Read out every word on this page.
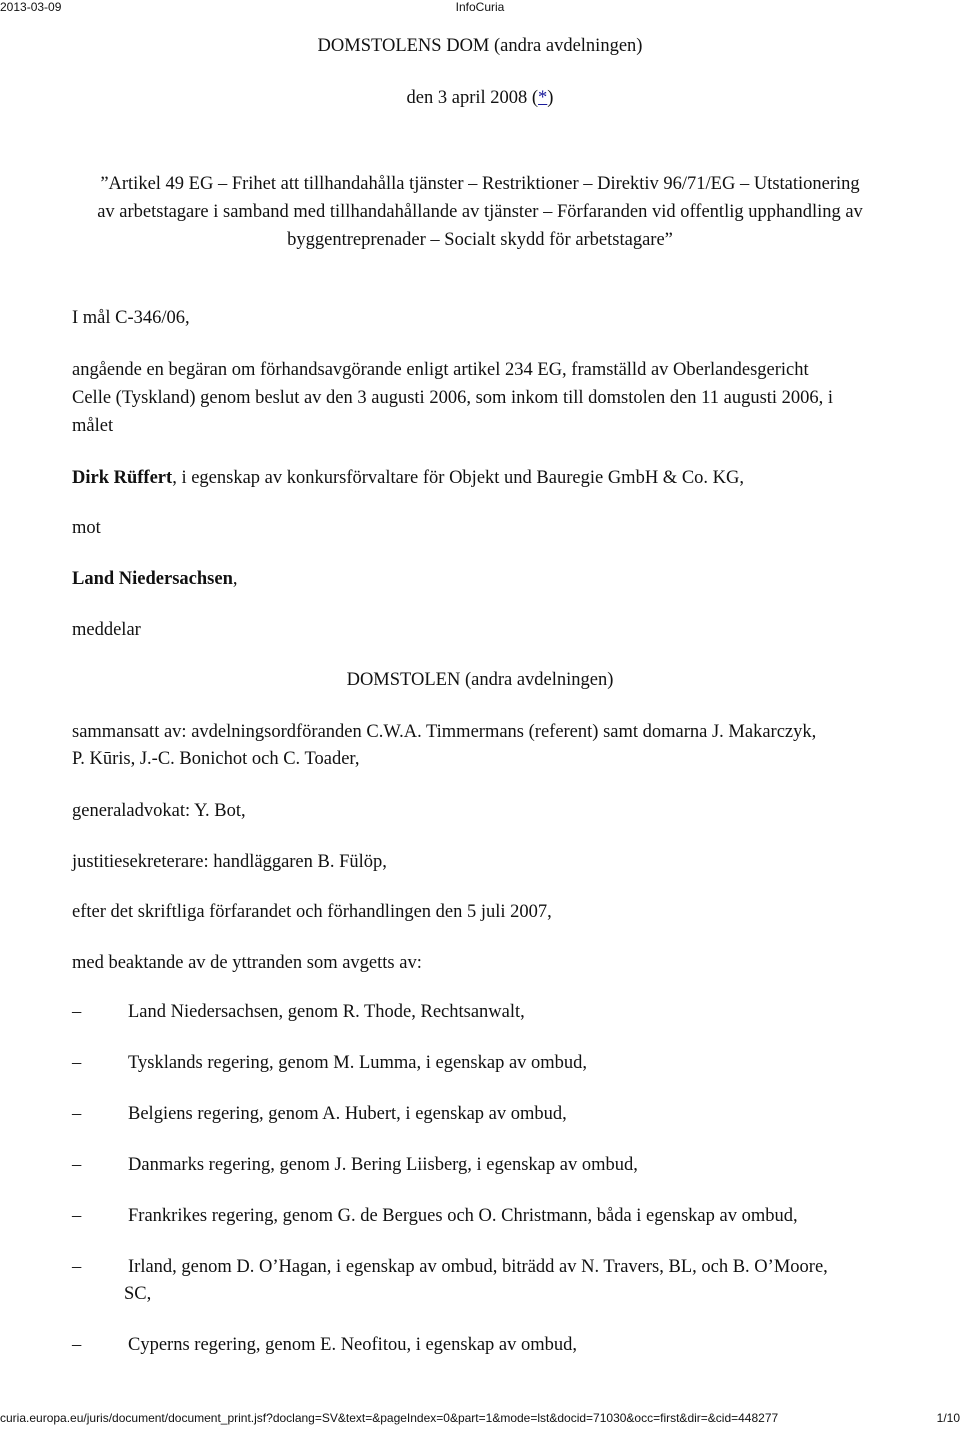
2013-03-09	InfoCuria
DOMSTOLENS DOM (andra avdelningen)
den 3 april 2008 (*)
”Artikel 49 EG – Frihet att tillhandahålla tjänster – Restriktioner – Direktiv 96/71/EG – Utstationering
av arbetstagare i samband med tillhandahållande av tjänster – Förfaranden vid offentlig upphandling av
byggentreprenader – Socialt skydd för arbetstagare”
I mål C-346/06,
angående en begäran om förhandsavgörande enligt artikel 234 EG, framställd av Oberlandesgericht
Celle (Tyskland) genom beslut av den 3 augusti 2006, som inkom till domstolen den 11 augusti 2006, i
målet
Dirk Rüffert, i egenskap av konkursförvaltare för Objekt und Bauregie GmbH & Co. KG,
mot
Land Niedersachsen,
meddelar
DOMSTOLEN (andra avdelningen)
sammansatt av: avdelningsordföranden C.W.A. Timmermans (referent) samt domarna J. Makarczyk,
P. Kūris, J.-C. Bonichot och C. Toader,
generaladvokat: Y. Bot,
justitiesekreterare: handläggaren B. Fülöp,
efter det skriftliga förfarandet och förhandlingen den 5 juli 2007,
med beaktande av de yttranden som avgetts av:
–	Land Niedersachsen, genom R. Thode, Rechtsanwalt,
–	Tysklands regering, genom M. Lumma, i egenskap av ombud,
–	Belgiens regering, genom A. Hubert, i egenskap av ombud,
–	Danmarks regering, genom J. Bering Liisberg, i egenskap av ombud,
–	Frankrikes regering, genom G. de Bergues och O. Christmann, båda i egenskap av ombud,
–	Irland, genom D. O’Hagan, i egenskap av ombud, biträdd av N. Travers, BL, och B. O’Moore,
SC,
–	Cyperns regering, genom E. Neofitou, i egenskap av ombud,
curia.europa.eu/juris/document/document_print.jsf?doclang=SV&text=&pageIndex=0&part=1&mode=lst&docid=71030&occ=first&dir=&cid=448277	1/10
